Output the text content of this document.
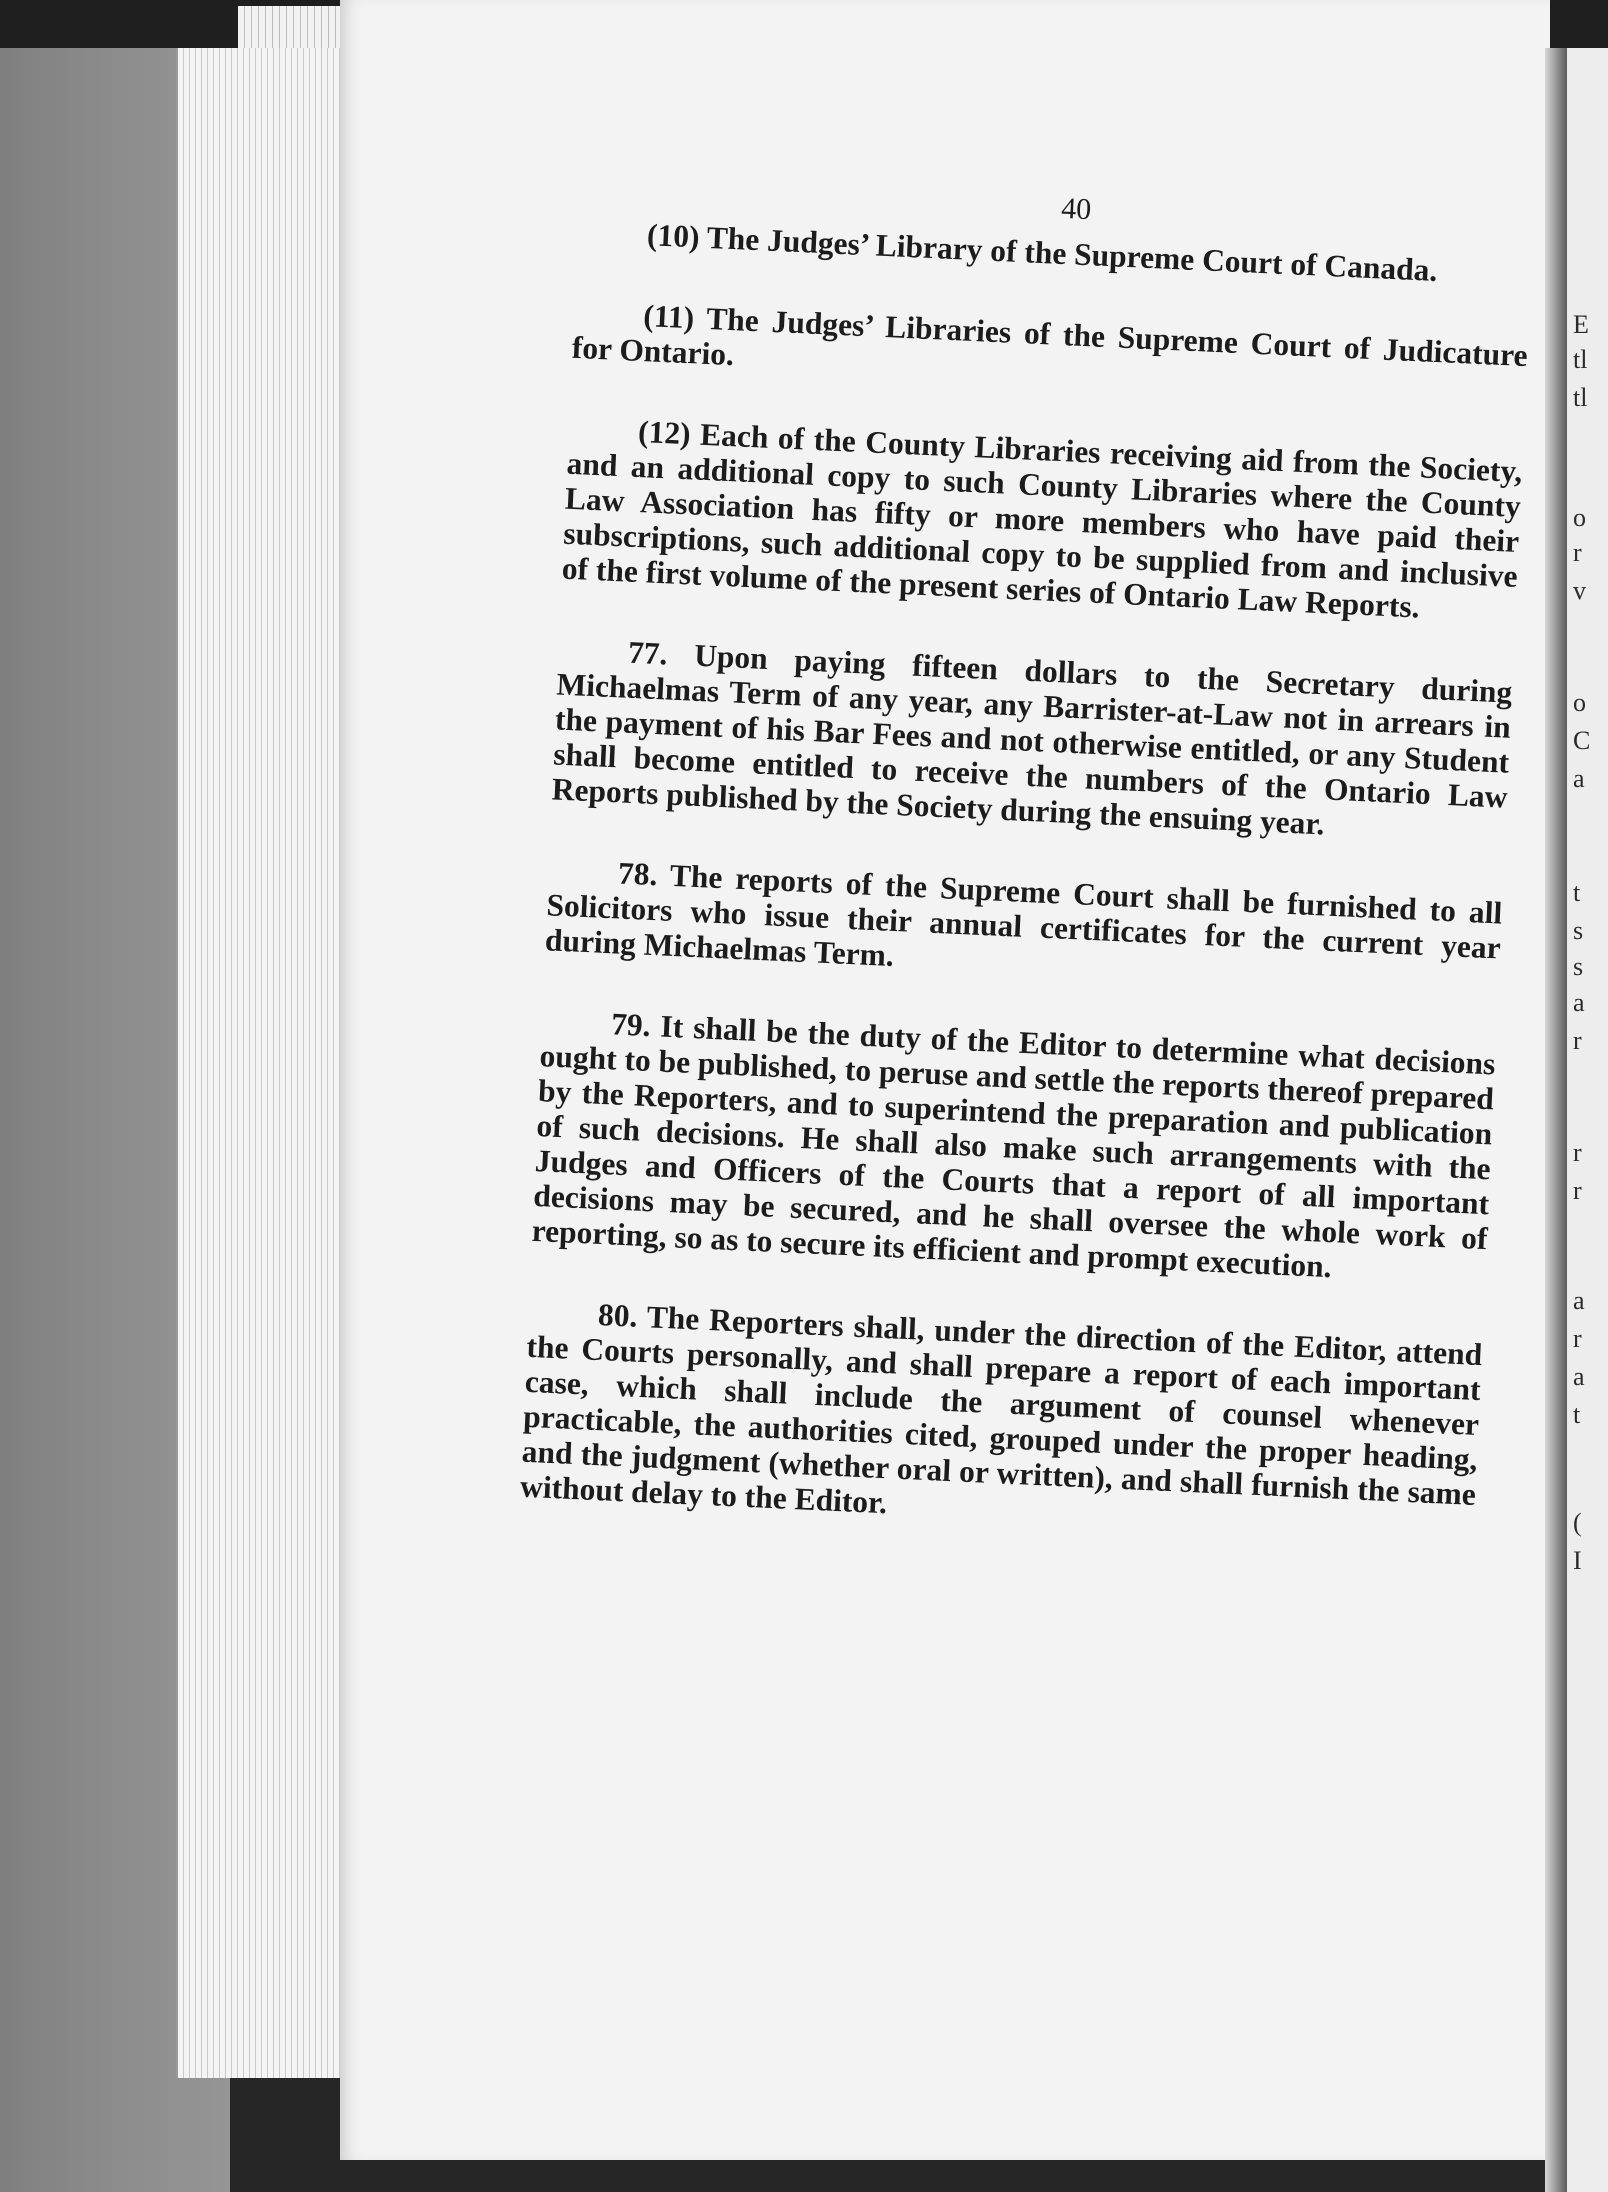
40

(10) The Judges’ Library of the Supreme Court of Canada.

(11) The Judges’ Libraries of the Supreme Court of Judicature for Ontario.

(12) Each of the County Libraries receiving aid from the Society, and an additional copy to such County Libraries where the County Law Association has fifty or more members who have paid their subscriptions, such additional copy to be supplied from and inclusive of the first volume of the present series of Ontario Law Reports.

77. Upon paying fifteen dollars to the Secretary during Michaelmas Term of any year, any Barrister-at-Law not in arrears in the payment of his Bar Fees and not otherwise entitled, or any Student shall become entitled to receive the numbers of the Ontario Law Reports published by the Society during the ensuing year.

78. The reports of the Supreme Court shall be furnished to all Solicitors who issue their annual certificates for the current year during Michaelmas Term.

79. It shall be the duty of the Editor to determine what decisions ought to be published, to peruse and settle the reports thereof prepared by the Reporters, and to superintend the preparation and publication of such decisions. He shall also make such arrangements with the Judges and Officers of the Courts that a report of all important decisions may be secured, and he shall oversee the whole work of reporting, so as to secure its efficient and prompt execution.

80. The Reporters shall, under the direction of the Editor, attend the Courts personally, and shall prepare a report of each important case, which shall include the argument of counsel whenever practicable, the authorities cited, grouped under the proper heading, and the judgment (whether oral or written), and shall furnish the same without delay to the Editor.

E
tl
tl
o
r
v
o
C
a
t
s
s
a
r
r
r
a
r
a
t
(
I
